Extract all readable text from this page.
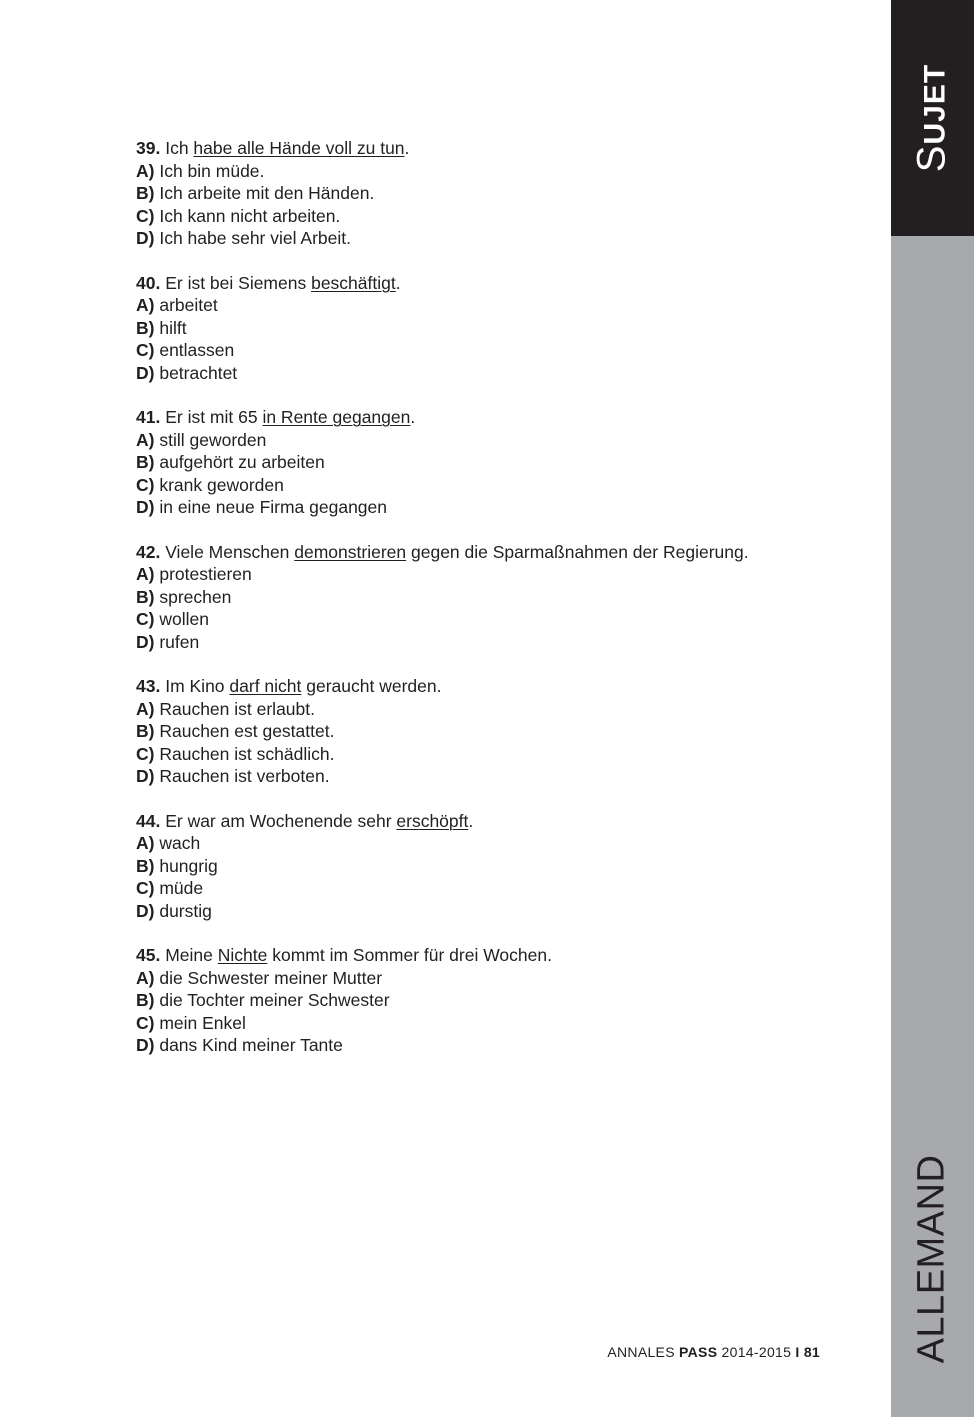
SUJET
ALLEMAND
39. Ich habe alle Hände voll zu tun.
A) Ich bin müde.
B) Ich arbeite mit den Händen.
C) Ich kann nicht arbeiten.
D) Ich habe sehr viel Arbeit.
40. Er ist bei Siemens beschäftigt.
A) arbeitet
B) hilft
C) entlassen
D) betrachtet
41. Er ist mit 65 in Rente gegangen.
A) still geworden
B) aufgehört zu arbeiten
C) krank geworden
D) in eine neue Firma gegangen
42. Viele Menschen demonstrieren gegen die Sparmaßnahmen der Regierung.
A) protestieren
B) sprechen
C) wollen
D) rufen
43. Im Kino darf nicht geraucht werden.
A) Rauchen ist erlaubt.
B) Rauchen est gestattet.
C) Rauchen ist schädlich.
D) Rauchen ist verboten.
44. Er war am Wochenende sehr erschöpft.
A) wach
B) hungrig
C) müde
D) durstig
45. Meine Nichte kommt im Sommer für drei Wochen.
A) die Schwester meiner Mutter
B) die Tochter meiner Schwester
C) mein Enkel
D) dans Kind meiner Tante
ANNALES PASS 2014-2015 I 81
